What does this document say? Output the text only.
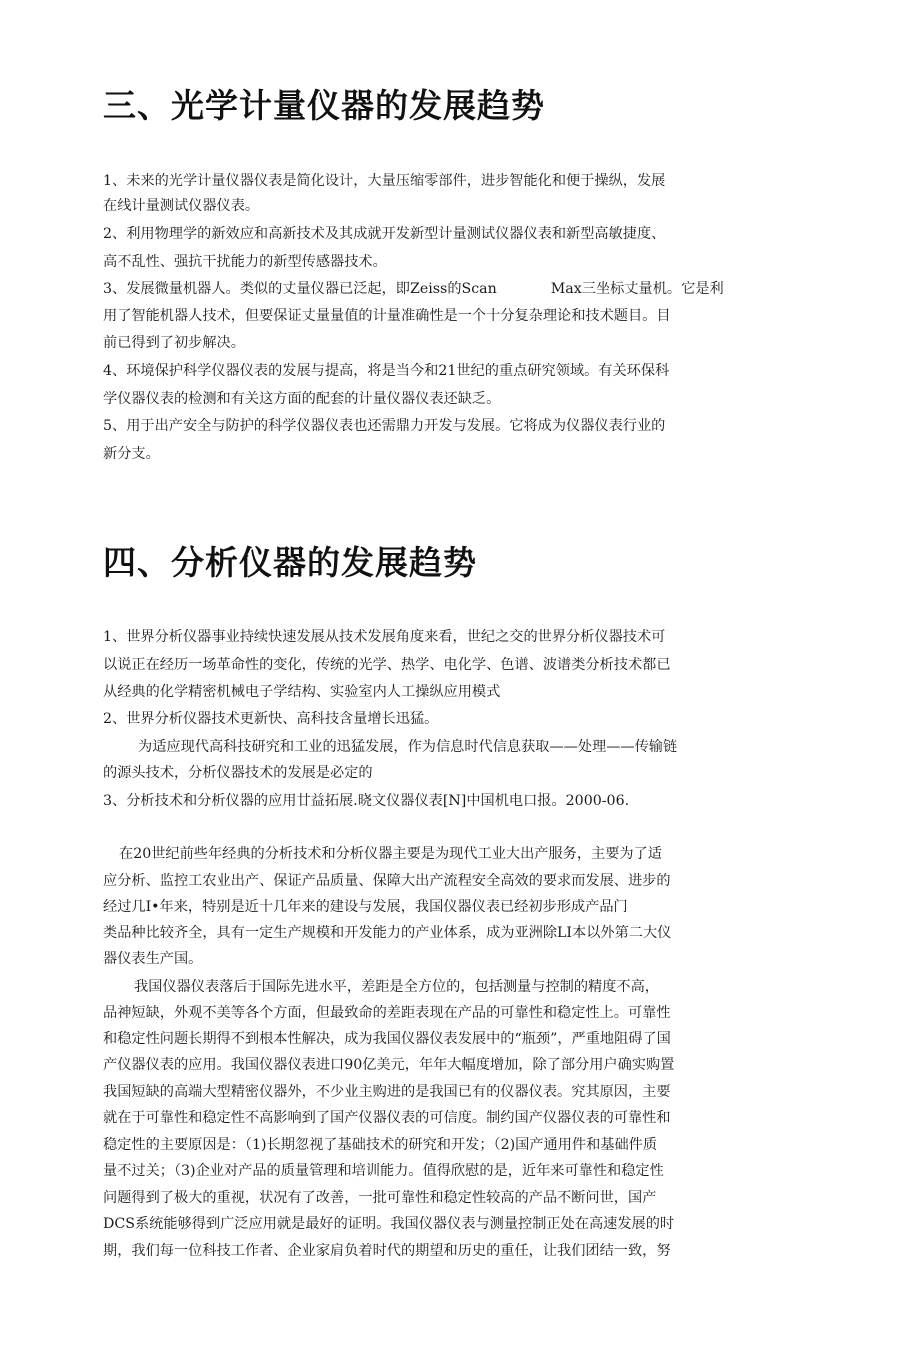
三、光学计量仪器的发展趋势
1、未来的光学计量仪器仪表是简化设计，大量压缩零部件，进步智能化和便于操纵，发展
在线计量测试仪器仪表。
2、利用物理学的新效应和高新技术及其成就开发新型计量测试仪器仪表和新型高敏捷度、
高不乱性、强抗干扰能力的新型传感器技术。
3、发展微量机器人。类似的丈量仪器已泛起，即Zeiss的Scan	Max三坐标丈量机。它是利
用了智能机器人技术，但要保证丈量量值的计量准确性是一个十分复杂理论和技术题目。目
前已得到了初步解决。
4、环境保护科学仪器仪表的发展与提高，将是当今和21世纪的重点研究领域。有关环保科
学仪器仪表的检测和有关这方面的配套的计量仪器仪表还缺乏。
5、用于出产安全与防护的科学仪器仪表也还需鼎力开发与发展。它将成为仪器仪表行业的
新分支。
四、分析仪器的发展趋势
1、世界分析仪器事业持续快速发展从技术发展角度来看，世纪之交的世界分析仪器技术可
以说正在经历一场革命性的变化，传统的光学、热学、电化学、色谱、波谱类分析技术都已
从经典的化学精密机械电子学结构、实验室内人工操纵应用模式
2、世界分析仪器技术更新快、高科技含量增长迅猛。
为适应现代高科技研究和工业的迅猛发展，作为信息时代信息获取——处理——传输链
的源头技术，分析仪器技术的发展是必定的
3、分析技术和分析仪器的应用廿益拓展.晓文仪器仪表[N]中国机电口报。2000-06.
在20世纪前些年经典的分析技术和分析仪器主要是为现代工业大出产服务，主要为了适
应分析、监控工农业出产、保证产品质量、保障大出产流程安全高效的要求而发展、进步的
经过几I•年来，特别是近十几年来的建设与发展，我国仪器仪表已经初步形成产品门
类品种比较齐全，具有一定生产规模和开发能力的产业体系，成为亚洲除LI本以外第二大仪
器仪表生产国。
我国仪器仪表落后于国际先进水平，差距是全方位的，包括测量与控制的精度不高，
品神短缺，外观不美等各个方面，但最致命的差距表现在产品的可靠性和稳定性上。可靠性
和稳定性问题长期得不到根本性解决，成为我国仪器仪表发展中的“瓶颈”，严重地阻碍了国
产仪器仪表的应用。我国仪器仪表进口90亿美元，年年大幅度增加，除了部分用户确实购置
我国短缺的高端大型精密仪器外，不少业主购进的是我国已有的仪器仪表。究其原因，主要
就在于可靠性和稳定性不高影响到了国产仪器仪表的可信度。制约国产仪器仪表的可靠性和
稳定性的主要原因是：（1)长期忽视了基础技术的研究和开发；（2)国产通用件和基础件质
量不过关；（3)企业对产品的质量管理和培训能力。值得欣慰的是，近年来可靠性和稳定性
问题得到了极大的重视，状况有了改善，一批可靠性和稳定性较高的产品不断问世，国产
DCS系统能够得到广泛应用就是最好的证明。我国仪器仪表与测量控制正处在高速发展的时
期，我们每一位科技工作者、企业家肩负着时代的期望和历史的重任，让我们团结一致，努
